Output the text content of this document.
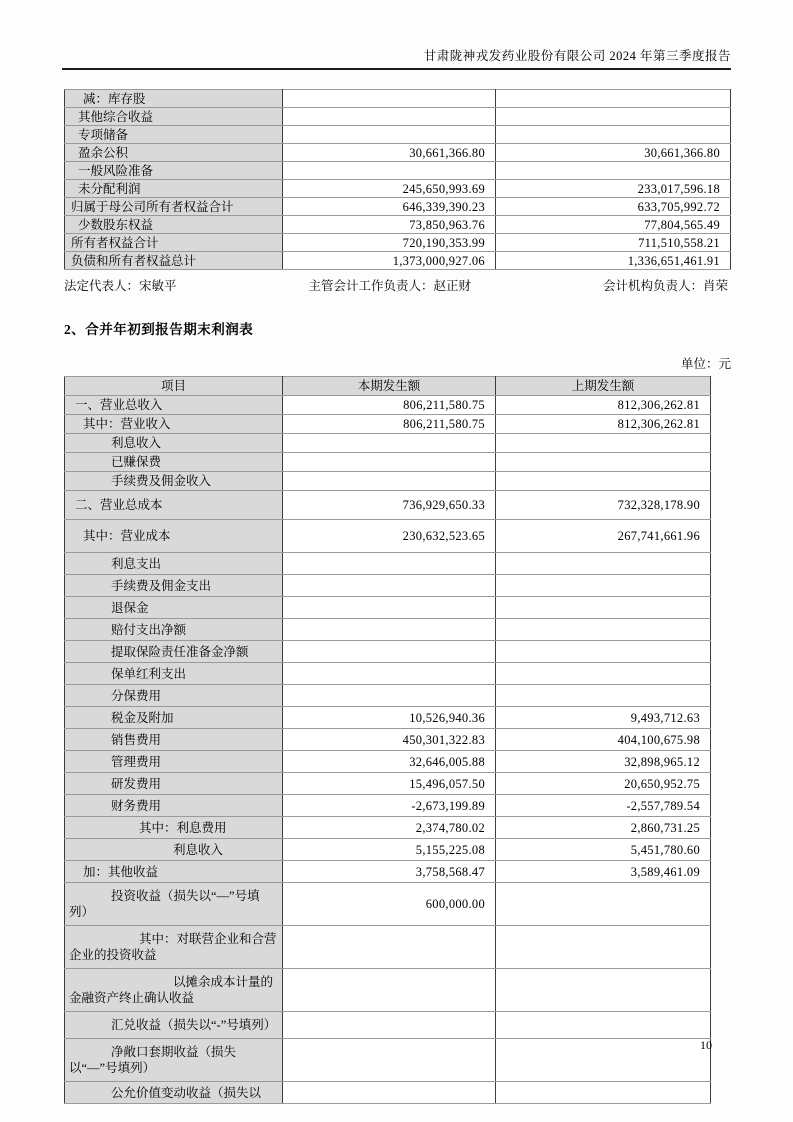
甘肃陇神戎发药业股份有限公司 2024 年第三季度报告
减：库存股		
其他综合收益		
专项储备		
盈余公积	30,661,366.80	30,661,366.80
一般风险准备		
未分配利润	245,650,993.69	233,017,596.18
归属于母公司所有者权益合计	646,339,390.23	633,705,992.72
少数股东权益	73,850,963.76	77,804,565.49
所有者权益合计	720,190,353.99	711,510,558.21
负债和所有者权益总计	1,373,000,927.06	1,336,651,461.91
法定代表人：宋敏平	主管会计工作负责人：赵正财	会计机构负责人：肖荣
2、合并年初到报告期末利润表
单位：元
项目	本期发生额	上期发生额
一、营业总收入	806,211,580.75	812,306,262.81
其中：营业收入	806,211,580.75	812,306,262.81
利息收入		
已赚保费		
手续费及佣金收入		
二、营业总成本	736,929,650.33	732,328,178.90
其中：营业成本	230,632,523.65	267,741,661.96
利息支出		
手续费及佣金支出		
退保金		
赔付支出净额		
提取保险责任准备金净额		
保单红利支出		
分保费用		
税金及附加	10,526,940.36	9,493,712.63
销售费用	450,301,322.83	404,100,675.98
管理费用	32,646,005.88	32,898,965.12
研发费用	15,496,057.50	20,650,952.75
财务费用	-2,673,199.89	-2,557,789.54
其中：利息费用	2,374,780.02	2,860,731.25
利息收入	5,155,225.08	5,451,780.60
加：其他收益	3,758,568.47	3,589,461.09
投资收益（损失以“—”号填列）	600,000.00	
其中：对联营企业和合营企业的投资收益		
以摊余成本计量的金融资产终止确认收益		
汇兑收益（损失以“-”号填列）		
净敞口套期收益（损失以“—”号填列）		
公允价值变动收益（损失以		
10
